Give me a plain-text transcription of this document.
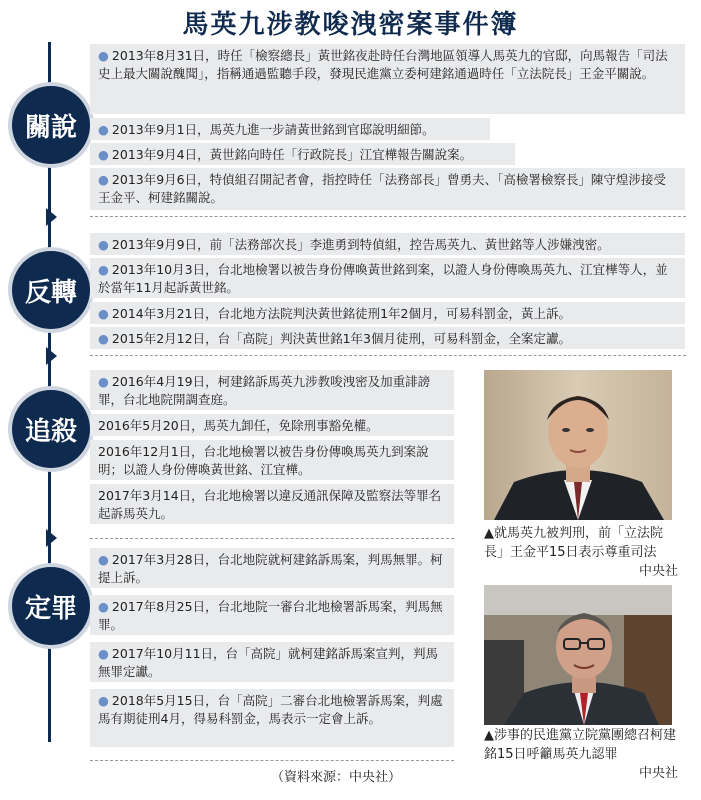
馬英九涉教唆洩密案事件簿
關說
反轉
追殺
定罪
● 2013年8月31日，時任「檢察總長」黃世銘夜赴時任台灣地區領導人馬英九的官邸，向馬報告「司法史上最大關說醜聞」，指稱通過監聽手段，發現民進黨立委柯建銘通過時任「立法院長」王金平關說。
● 2013年9月1日，馬英九進一步請黃世銘到官邸說明細節。
● 2013年9月4日，黃世銘向時任「行政院長」江宜樺報告關說案。
● 2013年9月6日，特偵組召開記者會，指控時任「法務部長」曾勇夫、「高檢署檢察長」陳守煌涉接受王金平、柯建銘關說。
● 2013年9月9日，前「法務部次長」李進勇到特偵組，控告馬英九、黃世銘等人涉嫌洩密。
● 2013年10月3日，台北地檢署以被告身份傳喚黃世銘到案，以證人身份傳喚馬英九、江宜樺等人，並於當年11月起訴黃世銘。
● 2014年3月21日，台北地方法院判決黃世銘徒刑1年2個月，可易科罰金，黃上訴。
● 2015年2月12日，台「高院」判決黃世銘1年3個月徒刑，可易科罰金，全案定讞。
● 2016年4月19日，柯建銘訴馬英九涉教唆洩密及加重誹謗罪，台北地院開調查庭。
2016年5月20日，馬英九卸任，免除刑事豁免權。
2016年12月1日，台北地檢署以被告身份傳喚馬英九到案說明；以證人身份傳喚黃世銘、江宜樺。
2017年3月14日，台北地檢署以違反通訊保障及監察法等罪名起訴馬英九。
● 2017年3月28日，台北地院就柯建銘訴馬案，判馬無罪。柯提上訴。
● 2017年8月25日，台北地院一審台北地檢署訴馬案，判馬無罪。
● 2017年10月11日，台「高院」就柯建銘訴馬案宣判，判馬無罪定讞。
● 2018年5月15日，台「高院」二審台北地檢署訴馬案，判處馬有期徒刑4月，得易科罰金，馬表示一定會上訴。
▲就馬英九被判刑，前「立法院長」王金平15日表示尊重司法
中央社
▲涉事的民進黨立院黨團總召柯建銘15日呼籲馬英九認罪
中央社
（資料來源：中央社）
